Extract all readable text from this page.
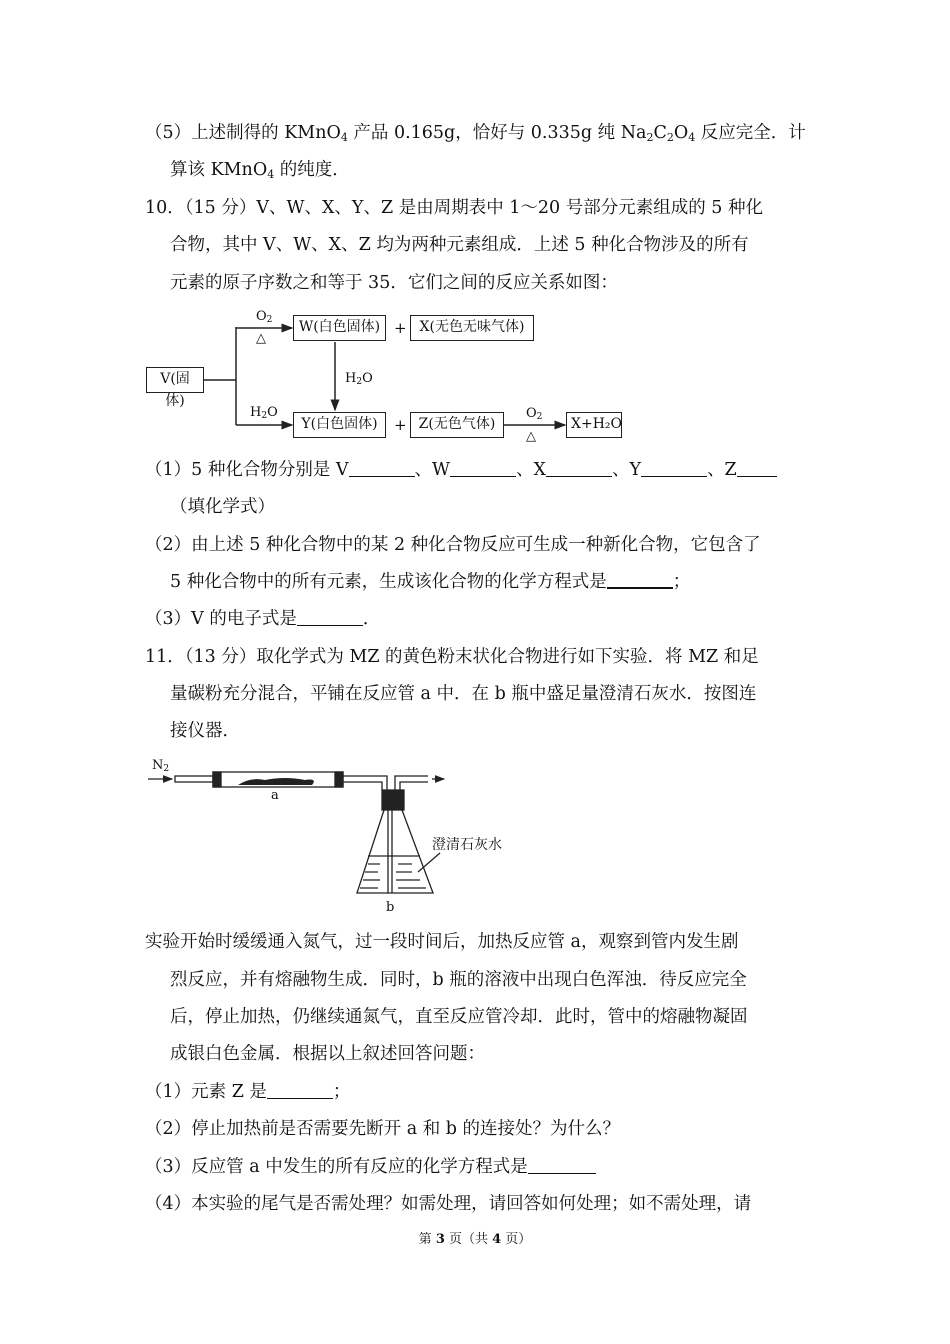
（5）上述制得的 KMnO$_4$ 产品 0.165g，恰好与 0.335g 纯 $Na_2C_2O_4$ 反应完全．计
算该 KMnO$_4$ 的纯度．
10．（15 分）V、W、X、Y、Z 是由周期表中 1～20 号部分元素组成的 5 种化
合物，其中 V、W、X、Z 均为两种元素组成．上述 5 种化合物涉及的所有
元素的原子序数之和等于 35．它们之间的反应关系如图：
V(固体)
W(白色固体) + X(无色无味气体)
Y(白色固体)	+ Z(无色气体)	X+H₂O
$O_2$
△
$H_2O$
$H_2O$	$O_2$
△
（1）5 种化合物分别是 V	、W	、X	、Y	、Z
（填化学式）
（2）由上述 5 种化合物中的某 2 种化合物反应可生成一种新化合物，它包含了
5 种化合物中的所有元素，生成该化合物的化学方程式是	；
（3）V 的电子式是	．
11．（13 分）取化学式为 MZ 的黄色粉末状化合物进行如下实验．将 MZ 和足
量碳粉充分混合，平铺在反应管 a 中．在 b 瓶中盛足量澄清石灰水．按图连
接仪器．
$N_2$
a
b
澄清石灰水
实验开始时缓缓通入氮气，过一段时间后，加热反应管 a，观察到管内发生剧
烈反应，并有熔融物生成．同时，b 瓶的溶液中出现白色浑浊．待反应完全
后，停止加热，仍继续通氮气，直至反应管冷却．此时，管中的熔融物凝固
成银白色金属．根据以上叙述回答问题：
（1）元素 Z 是	；
（2）停止加热前是否需要先断开 a 和 b 的连接处？为什么？
（3）反应管 a 中发生的所有反应的化学方程式是
（4）本实验的尾气是否需处理？如需处理，请回答如何处理；如不需处理，请
第 3 页（共 4 页）
